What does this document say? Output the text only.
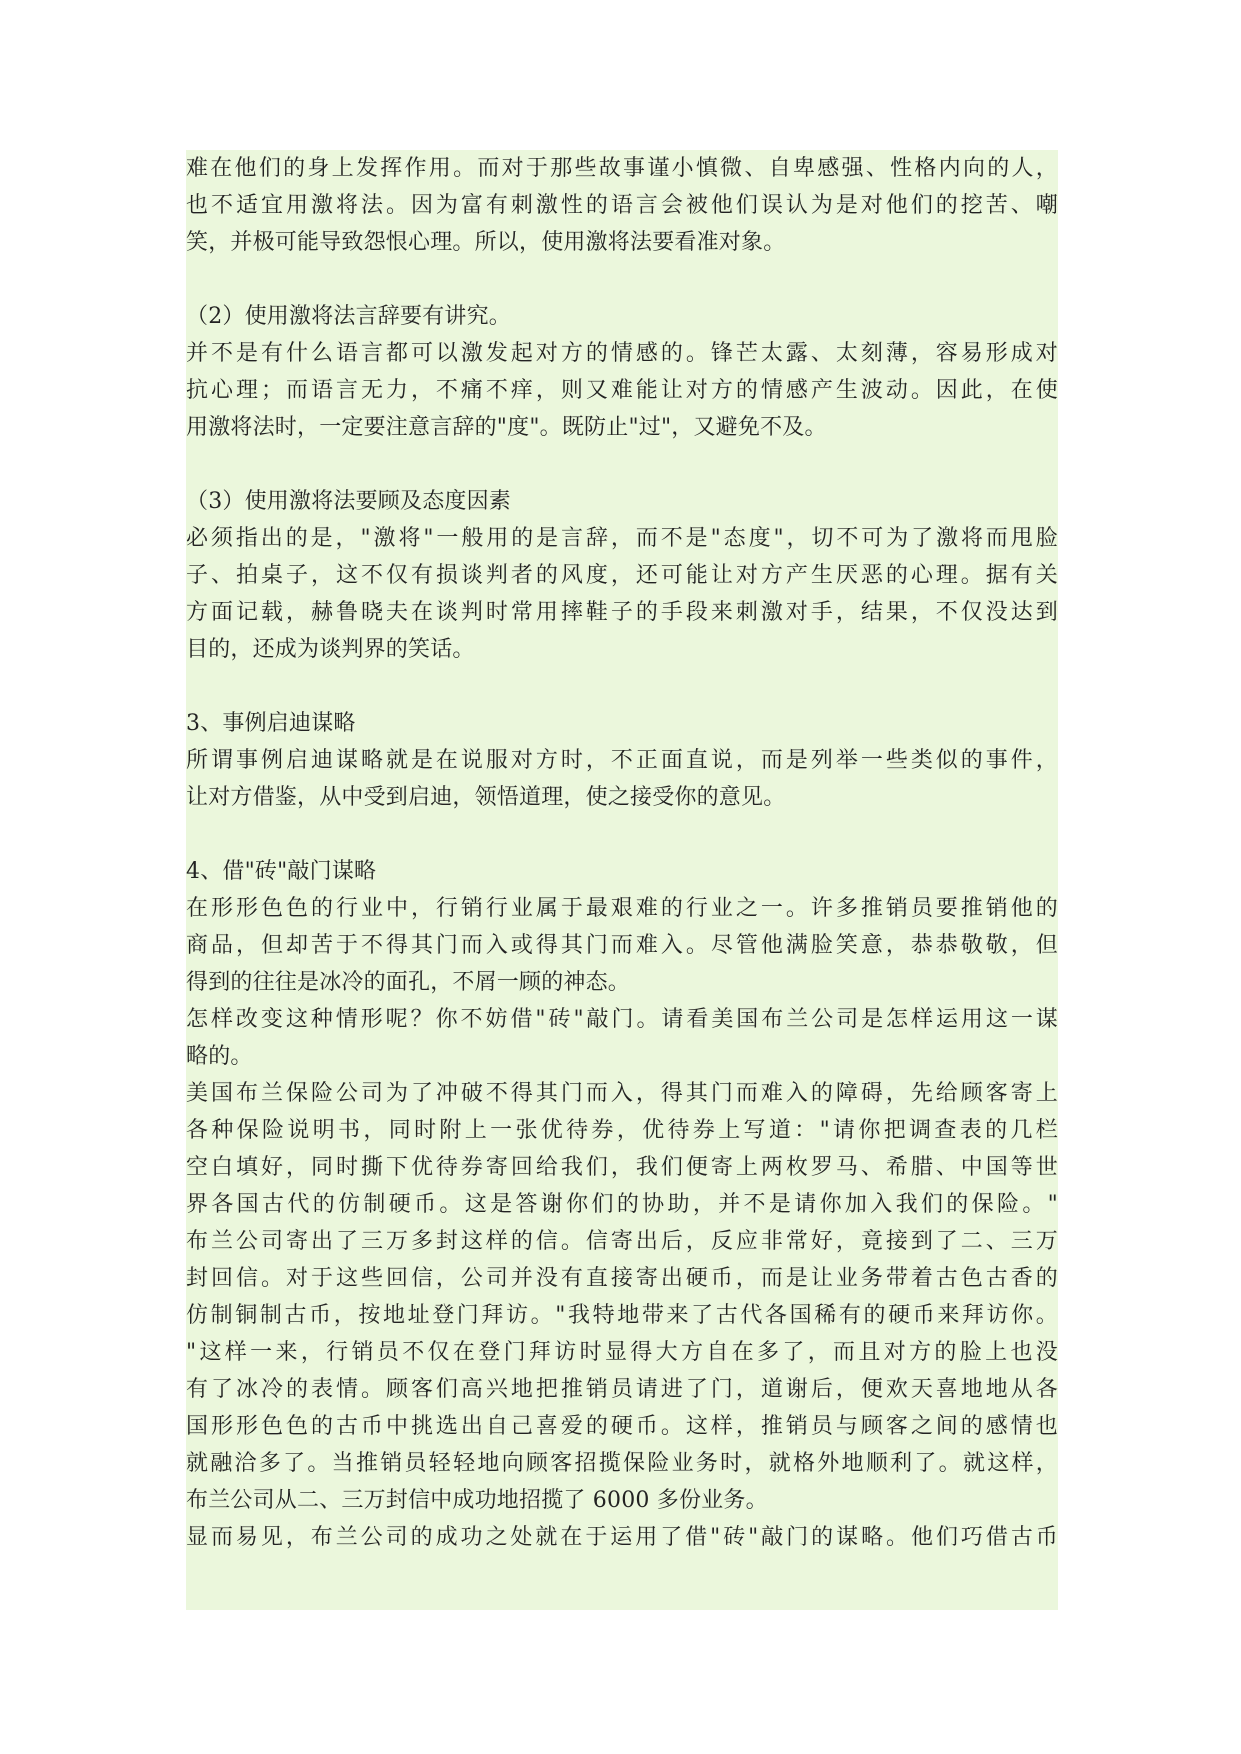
难在他们的身上发挥作用。而对于那些故事谨小慎微、自卑感强、性格内向的人，
也不适宜用激将法。因为富有刺激性的语言会被他们误认为是对他们的挖苦、嘲
笑，并极可能导致怨恨心理。所以，使用激将法要看准对象。
（2）使用激将法言辞要有讲究。
并不是有什么语言都可以激发起对方的情感的。锋芒太露、太刻薄，容易形成对
抗心理；而语言无力，不痛不痒，则又难能让对方的情感产生波动。因此，在使
用激将法时，一定要注意言辞的"度"。既防止"过"，又避免不及。
（3）使用激将法要顾及态度因素
必须指出的是，"激将"一般用的是言辞，而不是"态度"，切不可为了激将而甩脸
子、拍桌子，这不仅有损谈判者的风度，还可能让对方产生厌恶的心理。据有关
方面记载，赫鲁晓夫在谈判时常用摔鞋子的手段来刺激对手，结果，不仅没达到
目的，还成为谈判界的笑话。
3、事例启迪谋略
所谓事例启迪谋略就是在说服对方时，不正面直说，而是列举一些类似的事件，
让对方借鉴，从中受到启迪，领悟道理，使之接受你的意见。
4、借"砖"敲门谋略
在形形色色的行业中，行销行业属于最艰难的行业之一。许多推销员要推销他的
商品，但却苦于不得其门而入或得其门而难入。尽管他满脸笑意，恭恭敬敬，但
得到的往往是冰冷的面孔，不屑一顾的神态。
怎样改变这种情形呢？你不妨借"砖"敲门。请看美国布兰公司是怎样运用这一谋
略的。
美国布兰保险公司为了冲破不得其门而入，得其门而难入的障碍，先给顾客寄上
各种保险说明书，同时附上一张优待券，优待券上写道："请你把调查表的几栏
空白填好，同时撕下优待券寄回给我们，我们便寄上两枚罗马、希腊、中国等世
界各国古代的仿制硬币。这是答谢你们的协助，并不是请你加入我们的保险。"
布兰公司寄出了三万多封这样的信。信寄出后，反应非常好，竟接到了二、三万
封回信。对于这些回信，公司并没有直接寄出硬币，而是让业务带着古色古香的
仿制铜制古币，按地址登门拜访。"我特地带来了古代各国稀有的硬币来拜访你。
"这样一来，行销员不仅在登门拜访时显得大方自在多了，而且对方的脸上也没
有了冰冷的表情。顾客们高兴地把推销员请进了门，道谢后，便欢天喜地地从各
国形形色色的古币中挑选出自己喜爱的硬币。这样，推销员与顾客之间的感情也
就融洽多了。当推销员轻轻地向顾客招揽保险业务时，就格外地顺利了。就这样，
布兰公司从二、三万封信中成功地招揽了 6000 多份业务。
显而易见，布兰公司的成功之处就在于运用了借"砖"敲门的谋略。他们巧借古币
